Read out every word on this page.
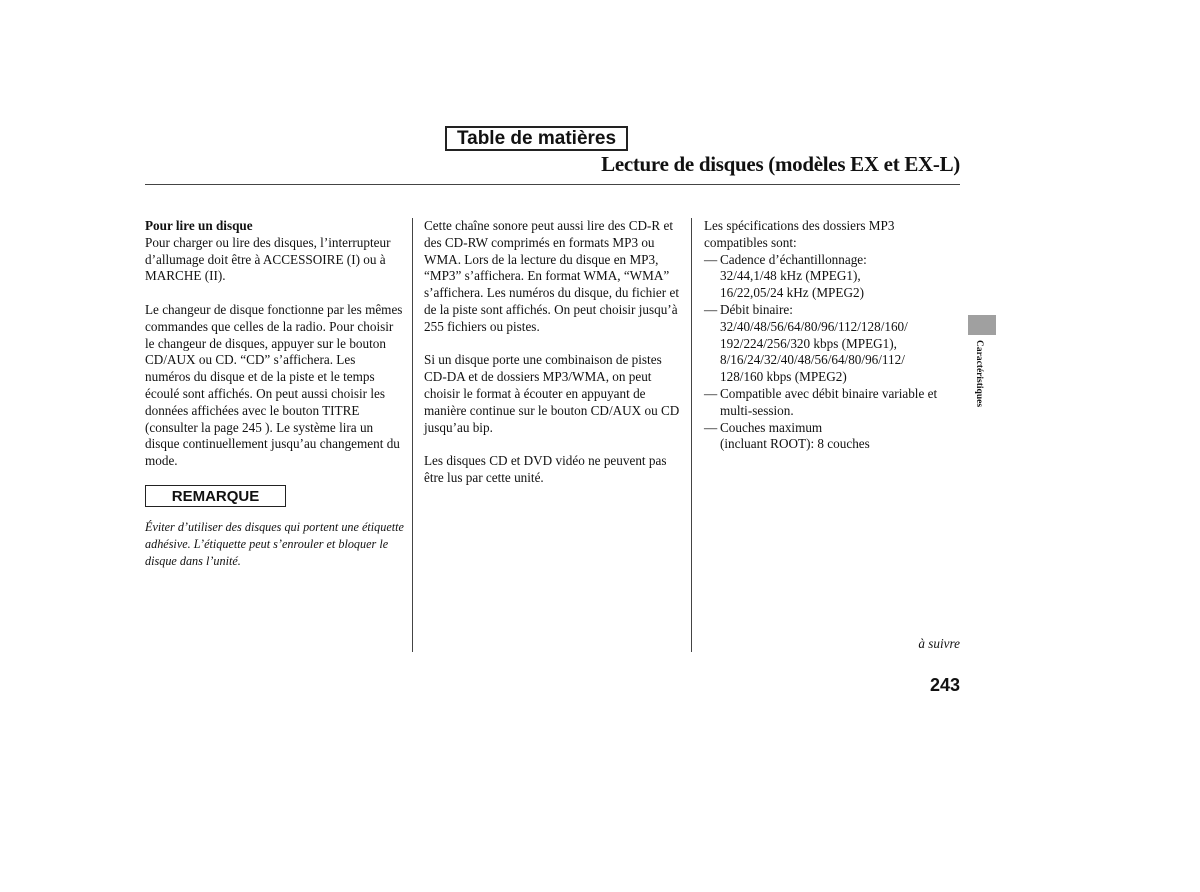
Table de matières
Lecture de disques (modèles EX et EX-L)

Pour lire un disque

Pour charger ou lire des disques, l’interrupteur d’allumage doit être à ACCESSOIRE (I) ou à MARCHE (II).

Le changeur de disque fonctionne par les mêmes commandes que celles de la radio. Pour choisir le changeur de disques, appuyer sur le bouton CD/AUX ou CD. “CD” s’affichera. Les numéros du disque et de la piste et le temps écoulé sont affichés. On peut aussi choisir les données affichées avec le bouton TITRE (consulter la page 245 ). Le système lira un disque continuellement jusqu’au changement du mode.

REMARQUE
Éviter d’utiliser des disques qui portent une étiquette adhésive. L’étiquette peut s’enrouler et bloquer le disque dans l’unité.

Cette chaîne sonore peut aussi lire des CD-R et des CD-RW comprimés en formats MP3 ou WMA. Lors de la lecture du disque en MP3, “MP3” s’affichera. En format WMA, “WMA” s’affichera. Les numéros du disque, du fichier et de la piste sont affichés. On peut choisir jusqu’à 255 fichiers ou pistes.

Si un disque porte une combinaison de pistes CD-DA et de dossiers MP3/WMA, on peut choisir le format à écouter en appuyant de manière continue sur le bouton CD/AUX ou CD jusqu’au bip.

Les disques CD et DVD vidéo ne peuvent pas être lus par cette unité.

Les spécifications des dossiers MP3 compatibles sont:

— Cadence d’échantillonnage:
32/44,1/48 kHz (MPEG1),
16/22,05/24 kHz (MPEG2)
— Débit binaire:
32/40/48/56/64/80/96/112/128/160/
192/224/256/320 kbps (MPEG1),
8/16/24/32/40/48/56/64/80/96/112/
128/160 kbps (MPEG2)
— Compatible avec débit binaire variable et
multi-session.
— Couches maximum
(incluant ROOT): 8 couches
Caractéristiques
à suivre
243
